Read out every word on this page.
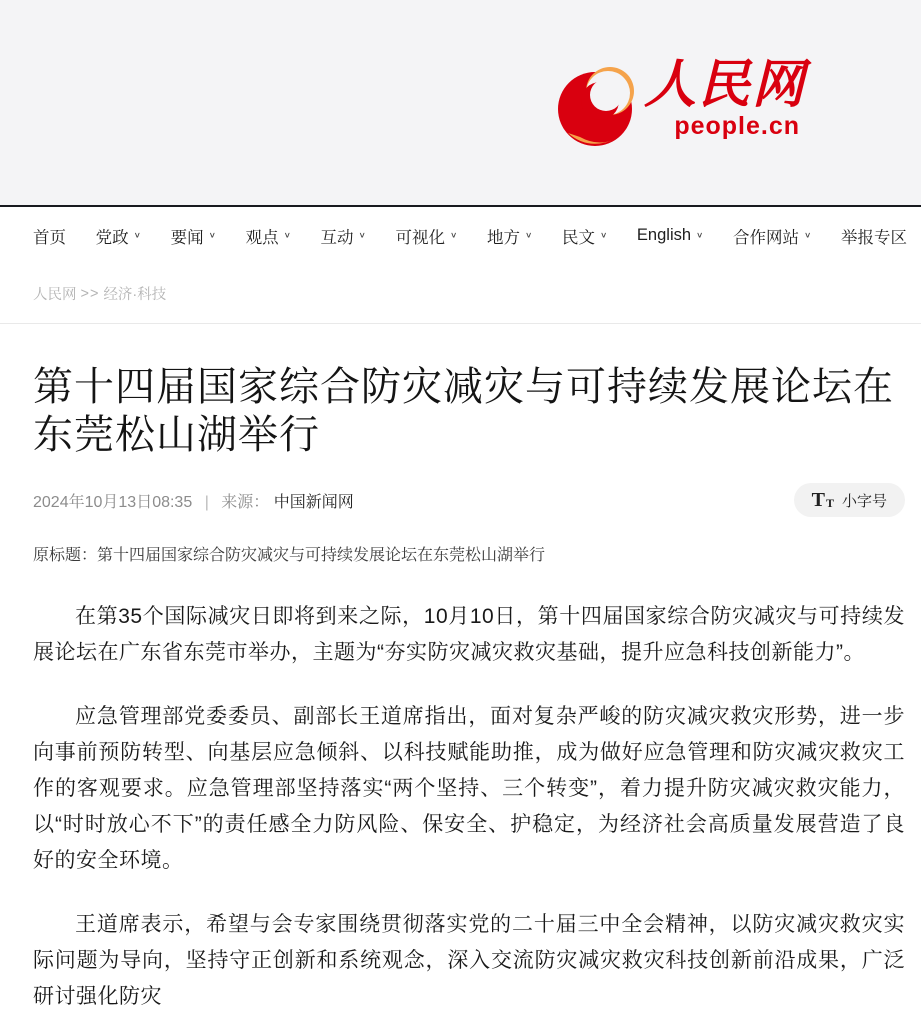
人民网
people.cn
首页 党政 ∨ 要闻 ∨ 观点 ∨ 互动 ∨ 可视化 ∨ 地方 ∨ 民文 ∨ English ∨ 合作网站 ∨ 举报专区
人民网 >> 经济·科技
第十四届国家综合防灾减灾与可持续发展论坛在东莞松山湖举行
2024年10月13日08:35 | 来源： 中国新闻网	T T 小字号

原标题：第十四届国家综合防灾减灾与可持续发展论坛在东莞松山湖举行

在第35个国际减灾日即将到来之际，10月10日，第十四届国家综合防灾减灾与可持续发展论坛在广东省东莞市举办，主题为“夯实防灾减灾救灾基础，提升应急科技创新能力”。

应急管理部党委委员、副部长王道席指出，面对复杂严峻的防灾减灾救灾形势，进一步向事前预防转型、向基层应急倾斜、以科技赋能助推，成为做好应急管理和防灾减灾救灾工作的客观要求。应急管理部坚持落实“两个坚持、三个转变”，着力提升防灾减灾救灾能力，以“时时放心不下”的责任感全力防风险、保安全、护稳定，为经济社会高质量发展营造了良好的安全环境。

王道席表示，希望与会专家围绕贯彻落实党的二十届三中全会精神，以防灾减灾救灾实际问题为导向，坚持守正创新和系统观念，深入交流防灾减灾救灾科技创新前沿成果，广泛研讨强化防灾
